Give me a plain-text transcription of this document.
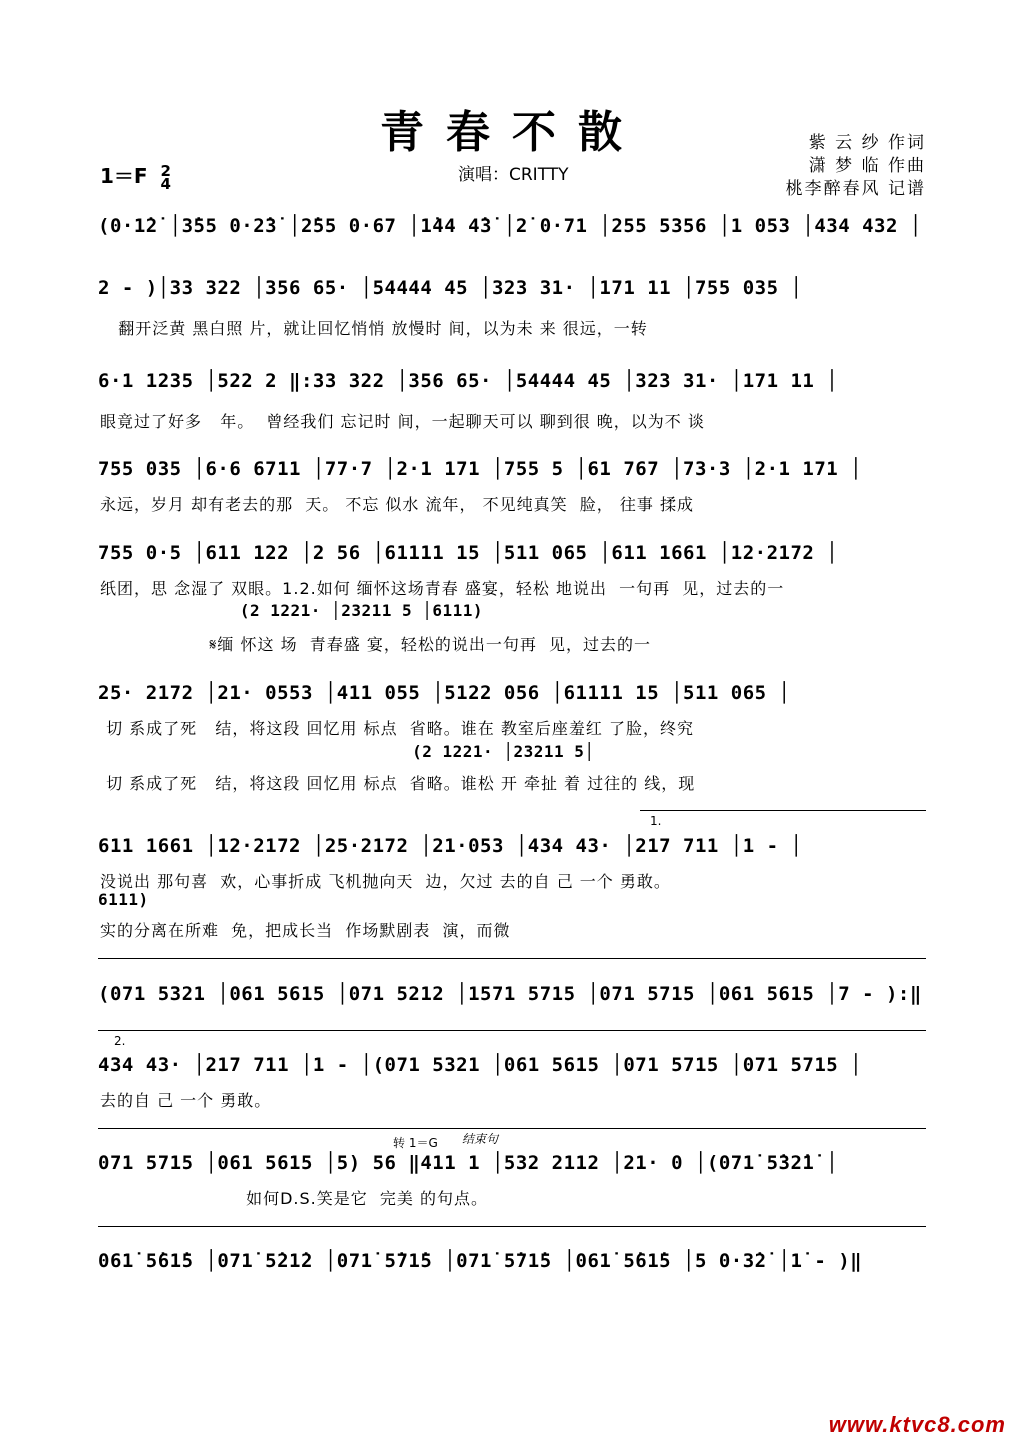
青春不散	紫 云 纱 作词
潇 梦 临 作曲
桃李醉春风 记谱
1＝F 2
4	演唱：CRITTY
(0·1̇2̇ │3̇55 0·2̇3̇ │2̇55 0·67 │1̇44 4̇3̇ │2̇ 0·71 │255 5356 │1 053 │434 432 │
2 - )│33 322 │356 65· │54444 45 │323 31· │171 11 │755 035 │
翻开泛黄 黑白照 片，就让回忆悄悄 放慢时 间，以为未 来 很远，一转
6·1 1235 │522 2 ‖:33 322 │356 65· │54444 45 │323 31· │171 11 │
眼竟过了好多   年。  曾经我们 忘记时 间，一起聊天可以 聊到很 晚，以为不 谈
755 035 │6·6 6711 │77·7 │2·1 171 │755 5 │61 767 │73·3 │2·1 171 │
永远，岁月 却有老去的那  天。 不忘 似水 流年， 不见纯真笑  脸， 往事 揉成
755 0·5 │611 122 │2 56 │61111 15 │511 065 │611 1661 │12·2172 │
纸团，思 念湿了 双眼。1.2.如何 缅怀这场青春 盛宴，轻松 地说出  一句再  见，过去的一
(2 1221· │23211 5 │6111)
𝄋缅 怀这 场  青春盛 宴，轻松的说出一句再  见，过去的一
25· 2172 │21· 0553 │411 055 │5122 056 │61111 15 │511 065 │
切 系成了死   结，将这段 回忆用 标点  省略。谁在 教室后座羞红 了脸，终究
(2 1221· │23211 5│
切 系成了死   结，将这段 回忆用 标点  省略。谁松 开 牵扯 着 过往的 线，现
1.
611 1661 │12·2172 │25·2172 │21·053 │434 43· │217 711 │1 - │
没说出 那句喜  欢，心事折成 飞机抛向天  边，欠过 去的自 己 一个 勇敢。
6111)
实的分离在所难  免，把成长当  作场默剧表  演，而微
(071 5321 │061 5615 │071 5212 │1571 5715 │071 5715 │061 5615 │7 - ):‖
2.
434 43· │217 711 │1 - │(071 5321 │061 5615 │071 5715 │071 5715 │
去的自 己 一个 勇敢。
转 1＝G 结束句
071 5715 │061 5615 │5) 56 ‖411 1 │532 2112 │21· 0 │(071̇ 5̇32̇1̇ │
如何D.S.笑是它  完美 的句点。
061̇ 5̇61̇5 │071̇ 5̇21̇2 │071̇ 5̇71̇5 │071̇ 5̇71̇5 │061̇ 5̇61̇5 │5 0·3̇2̇ │1̇ - )‖
www.ktvc8.com
